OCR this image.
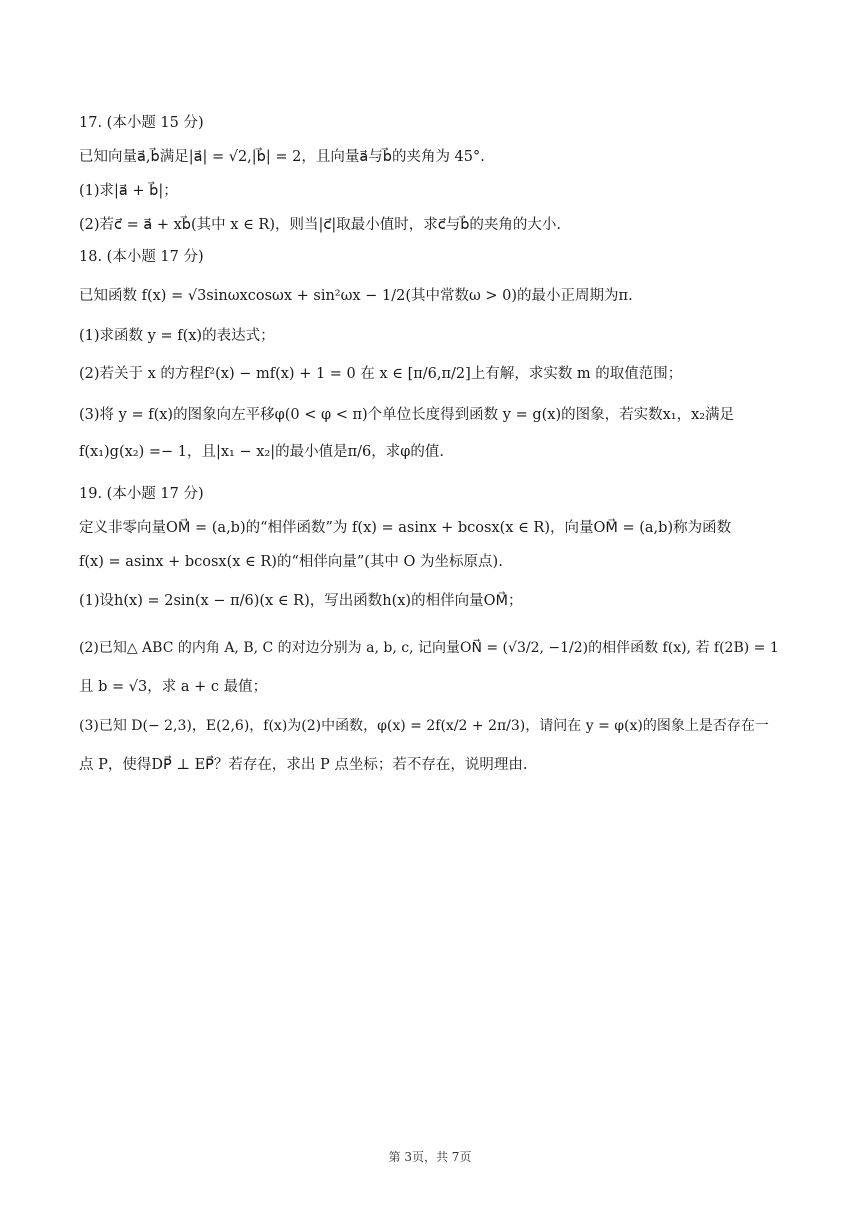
17. (本小题 15 分)
已知向量a⃗,b⃗满足|a⃗| = √2,|b⃗| = 2，且向量a⃗与b⃗的夹角为 45°.
(1)求|a⃗ + b⃗|；
(2)若c⃗ = a⃗ + xb⃗(其中 x ∈ R)，则当|c⃗|取最小值时，求c⃗与b⃗的夹角的大小.
18. (本小题 17 分)
已知函数 f(x) = √3sinωxcosωx + sin²ωx − 1/2(其中常数ω > 0)的最小正周期为π.
(1)求函数 y = f(x)的表达式；
(2)若关于 x 的方程f²(x) − mf(x) + 1 = 0 在 x ∈ [π/6,π/2]上有解，求实数 m 的取值范围；
(3)将 y = f(x)的图象向左平移φ(0 < φ < π)个单位长度得到函数 y = g(x)的图象，若实数x₁，x₂满足
f(x₁)g(x₂) =− 1，且|x₁ − x₂|的最小值是π/6，求φ的值.
19. (本小题 17 分)
定义非零向量OM⃗ = (a,b)的“相伴函数”为 f(x) = asinx + bcosx(x ∈ R)，向量OM⃗ = (a,b)称为函数
f(x) = asinx + bcosx(x ∈ R)的“相伴向量”(其中 O 为坐标原点).
(1)设h(x) = 2sin(x − π/6)(x ∈ R)，写出函数h(x)的相伴向量OM⃗；
(2)已知△ ABC 的内角 A, B, C 的对边分别为 a, b, c, 记向量ON⃗ = (√3/2, −1/2)的相伴函数 f(x), 若 f(2B) = 1
且 b = √3，求 a + c 最值；
(3)已知 D(− 2,3)，E(2,6)，f(x)为(2)中函数，φ(x) = 2f(x/2 + 2π/3)，请问在 y = φ(x)的图象上是否存在一
点 P，使得DP⃗ ⊥ EP⃗？若存在，求出 P 点坐标；若不存在，说明理由.
第 3页，共 7页
